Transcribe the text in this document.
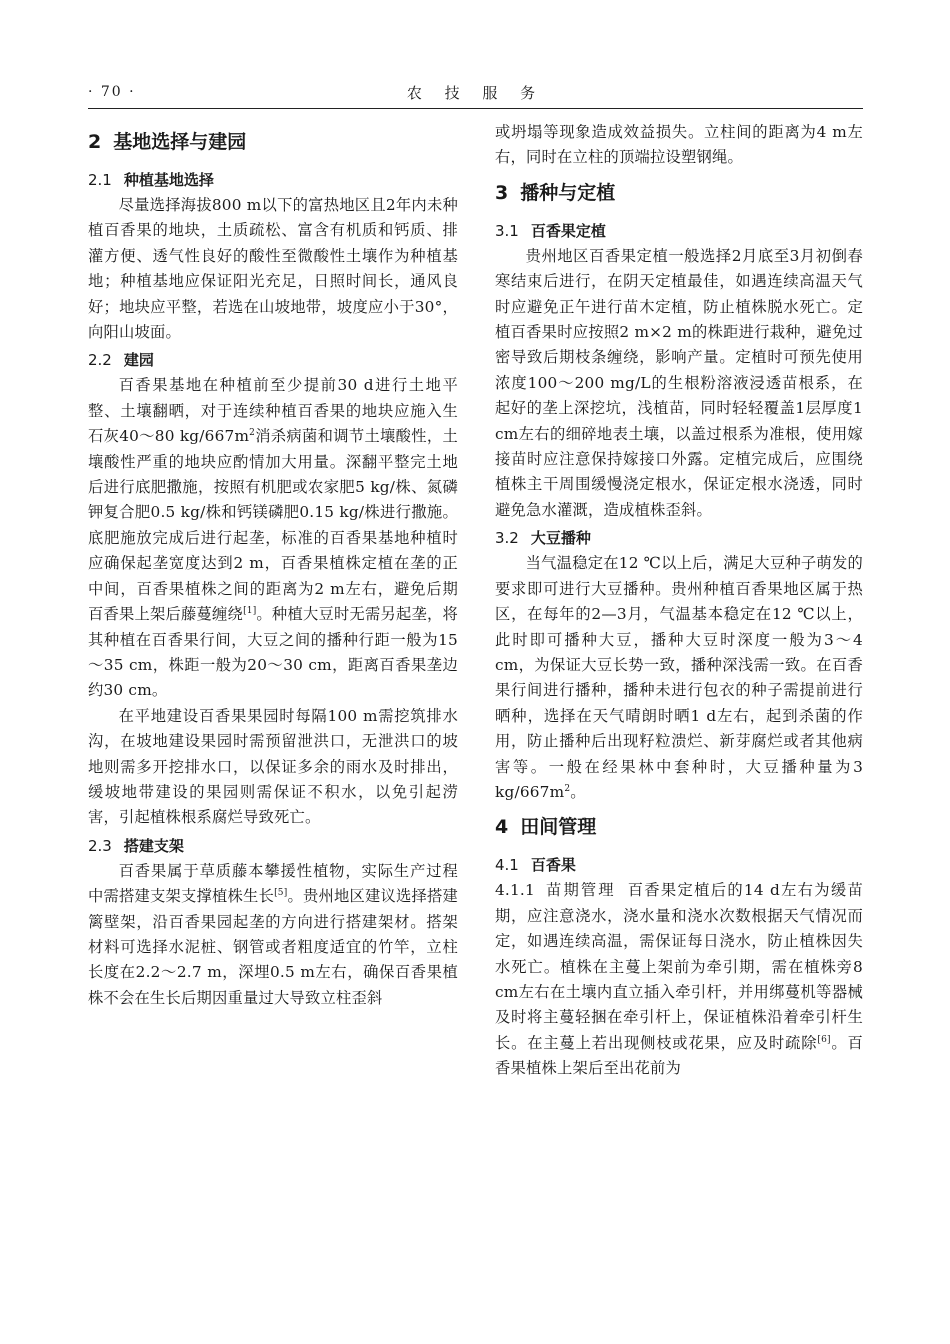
· 70 ·	农 技 服 务
2 基地选择与建园
2.1 种植基地选择

尽量选择海拔800 m以下的富热地区且2年内未种植百香果的地块，土质疏松、富含有机质和钙质、排灌方便、透气性良好的酸性至微酸性土壤作为种植基地；种植基地应保证阳光充足，日照时间长，通风良好；地块应平整，若选在山坡地带，坡度应小于30°，向阳山坡面。

2.2 建园

百香果基地在种植前至少提前30 d进行土地平整、土壤翻晒，对于连续种植百香果的地块应施入生石灰40～80 $kg/667m^2$消杀病菌和调节土壤酸性，土壤酸性严重的地块应酌情加大用量。深翻平整完土地后进行底肥撒施，按照有机肥或农家肥5 kg/株、氮磷钾复合肥0.5 kg/株和钙镁磷肥0.15 kg/株进行撒施。底肥施放完成后进行起垄，标准的百香果基地种植时应确保起垄宽度达到2 m，百香果植株定植在垄的正中间，百香果植株之间的距离为2 m左右，避免后期百香果上架后藤蔓缠绕[1]。种植大豆时无需另起垄，将其种植在百香果行间，大豆之间的播种行距一般为15～35 cm，株距一般为20～30 cm，距离百香果垄边约30 cm。

在平地建设百香果果园时每隔100 m需挖筑排水沟，在坡地建设果园时需预留泄洪口，无泄洪口的坡地则需多开挖排水口，以保证多余的雨水及时排出，缓坡地带建设的果园则需保证不积水，以免引起涝害，引起植株根系腐烂导致死亡。

2.3 搭建支架

百香果属于草质藤本攀援性植物，实际生产过程中需搭建支架支撑植株生长[5]。贵州地区建议选择搭建篱壁架，沿百香果园起垄的方向进行搭建架材。搭架材料可选择水泥桩、钢管或者粗度适宜的竹竿，立柱长度在2.2～2.7 m，深埋0.5 m左右，确保百香果植株不会在生长后期因重量过大导致立柱歪斜

或坍塌等现象造成效益损失。立柱间的距离为4 m左右，同时在立柱的顶端拉设塑钢绳。

3 播种与定植
3.1 百香果定植

贵州地区百香果定植一般选择2月底至3月初倒春寒结束后进行，在阴天定植最佳，如遇连续高温天气时应避免正午进行苗木定植，防止植株脱水死亡。定植百香果时应按照2 m×2 m的株距进行栽种，避免过密导致后期枝条缠绕，影响产量。定植时可预先使用浓度100～200 mg/L的生根粉溶液浸透苗根系，在起好的垄上深挖坑，浅植苗，同时轻轻覆盖1层厚度1 cm左右的细碎地表土壤，以盖过根系为准根，使用嫁接苗时应注意保持嫁接口外露。定植完成后，应围绕植株主干周围缓慢浇定根水，保证定根水浇透，同时避免急水灌溉，造成植株歪斜。

3.2 大豆播种

当气温稳定在12 ℃以上后，满足大豆种子萌发的要求即可进行大豆播种。贵州种植百香果地区属于热区，在每年的2—3月，气温基本稳定在12 ℃以上，此时即可播种大豆，播种大豆时深度一般为3～4 cm，为保证大豆长势一致，播种深浅需一致。在百香果行间进行播种，播种未进行包衣的种子需提前进行晒种，选择在天气晴朗时晒1 d左右，起到杀菌的作用，防止播种后出现籽粒溃烂、新芽腐烂或者其他病害等。一般在经果林中套种时，大豆播种量为3 $kg/667m^2$。

4 田间管理
4.1 百香果

4.1.1 苗期管理 百香果定植后的14 d左右为缓苗期，应注意浇水，浇水量和浇水次数根据天气情况而定，如遇连续高温，需保证每日浇水，防止植株因失水死亡。植株在主蔓上架前为牵引期，需在植株旁8 cm左右在土壤内直立插入牵引杆，并用绑蔓机等器械及时将主蔓轻捆在牵引杆上，保证植株沿着牵引杆生长。在主蔓上若出现侧枝或花果，应及时疏除[6]。百香果植株上架后至出花前为
